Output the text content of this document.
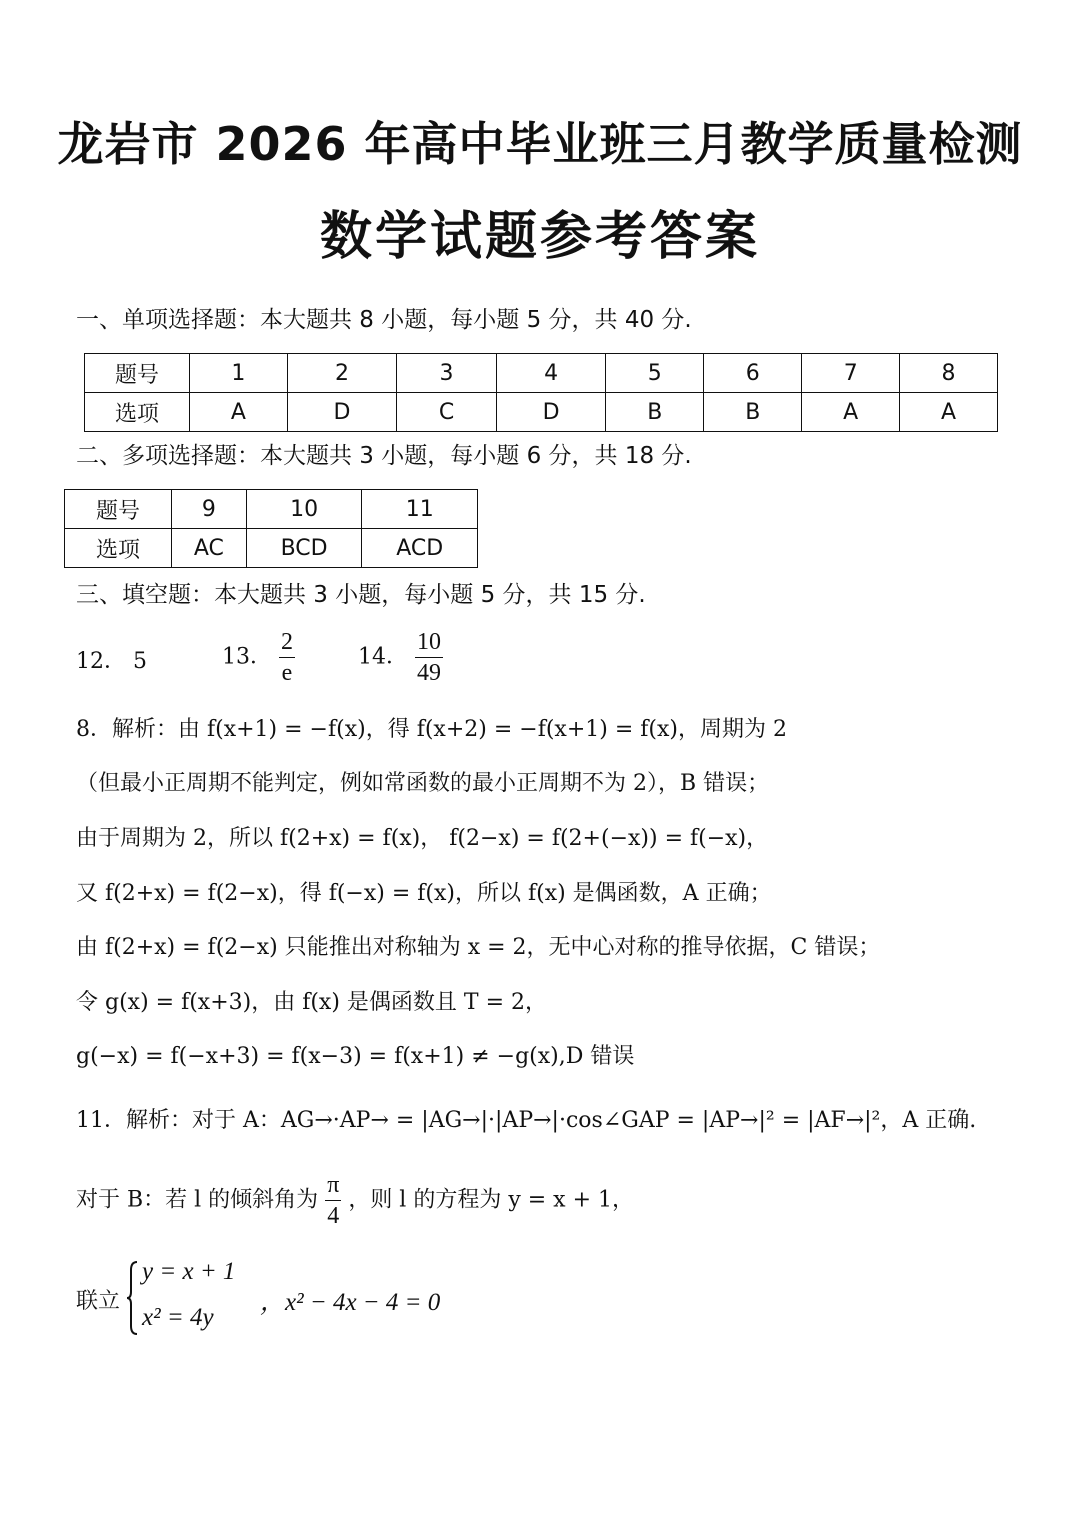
龙岩市 2026 年高中毕业班三月教学质量检测
数学试题参考答案
一、单项选择题：本大题共 8 小题，每小题 5 分，共 40 分.
题号	1	2	3	4	5	6	7	8
选项	A	D	C	D	B	B	A	A
二、多项选择题：本大题共 3 小题，每小题 6 分，共 18 分.
题号	9	10	11
选项	AC	BCD	ACD
三、填空题：本大题共 3 小题，每小题 5 分，共 15 分.
12． 5	13． $\frac{2}{e}$	14． $\frac{10}{49}$
8．解析：由 f(x+1) = −f(x)，得 f(x+2) = −f(x+1) = f(x)，周期为 2
（但最小正周期不能判定，例如常函数的最小正周期不为 2），B 错误；
由于周期为 2，所以 f(2+x) = f(x)， f(2−x) = f(2+(−x)) = f(−x)，
又 f(2+x) = f(2−x)，得 f(−x) = f(x)，所以 f(x) 是偶函数，A 正确；
由 f(2+x) = f(2−x) 只能推出对称轴为 x = 2，无中心对称的推导依据，C 错误；
令 g(x) = f(x+3)，由 f(x) 是偶函数且 T = 2，
g(−x) = f(−x+3) = f(x−3) = f(x+1) ≠ −g(x),D 错误
11．解析：对于 A：AG→·AP→ = |AG→|·|AP→|·cos∠GAP = |AP→|² = |AF→|²，A 正确.
对于 B：若 l 的倾斜角为 $\frac{\pi}{4}$ ，则 l 的方程为 y = x + 1，
联立
y = x + 1
x² = 4y
，x² − 4x − 4 = 0
